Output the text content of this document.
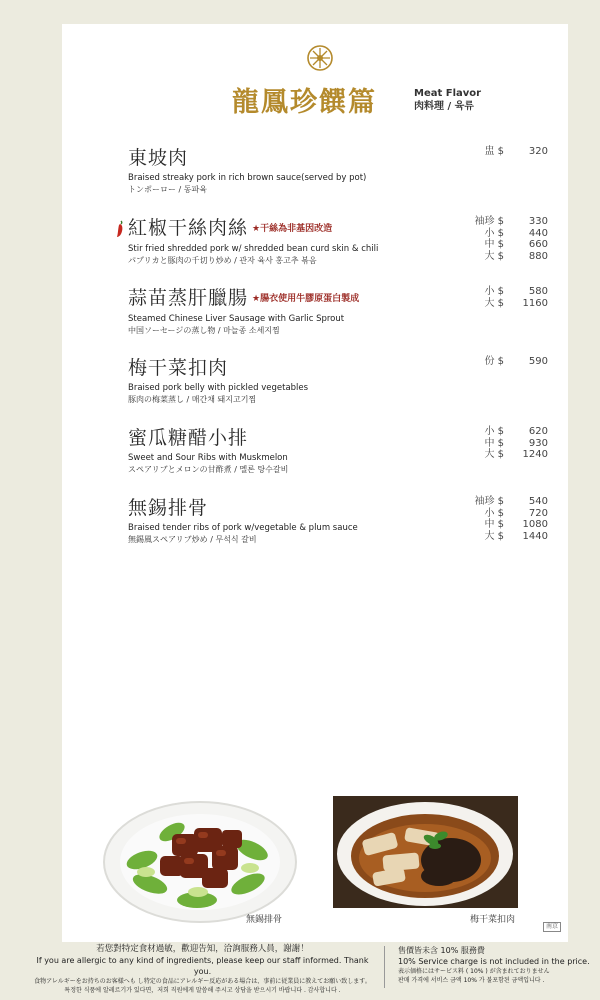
龍鳳珍饌篇	Meat Flavor
肉料理 / 육류
東坡肉
Braised streaky pork in rich brown sauce(served by pot)
トンポーロー / 동파육
盅 $	320
紅椒干絲肉絲 ★干絲為非基因改造
Stir fried shredded pork w/ shredded bean curd skin & chili
パプリカと豚肉の千切り炒め / 관자 육사 홍고추 볶음
袖珍 $	330
小 $	440
中 $	660
大 $	880
蒜苗蒸肝臘腸 ★腸衣使用牛膠原蛋白製成
Steamed Chinese Liver Sausage with Garlic Sprout
中国ソーセージの蒸し物 / 마늘종 소세지찜
小 $	580
大 $	1160
梅干菜扣肉
Braised pork belly with pickled vegetables
豚肉の梅菜蒸し / 매간채 돼지고기찜
份 $	590
蜜瓜糖醋小排
Sweet and Sour Ribs with Muskmelon
スペアリブとメロンの甘酢煮 / 멜론 탕수갈비
小 $	620
中 $	930
大 $	1240
無錫排骨
Braised tender ribs of pork w/vegetable & plum sauce
無錫風スペアリブ炒め / 무석식 갈비
袖珍 $	540
小 $	720
中 $	1080
大 $	1440
無錫排骨	梅干菜扣肉
南京
若您對特定食材過敏，歡迎告知，洽詢服務人員，謝謝！
If you are allergic to any kind of ingredients, please keep our staff informed. Thank you.
食物アレルギーをお持ちのお客様へも し特定の食品にアレルギー反応がある場合は、事前に従業員に教えてお願い致します。
특정한 식품에 알레르기가 있다면，저희 직원에게 말씀해 주시고 상담을 받으시기 바랍니다 . 감사합니다 .
售價皆未含 10% 服務費
10% Service charge is not included in the price.
表示価格にはサービス料 ( 10% ) が含まれておりません
판매 가격에 서비스 금액 10% 가 불포함된 금액입니다 .
